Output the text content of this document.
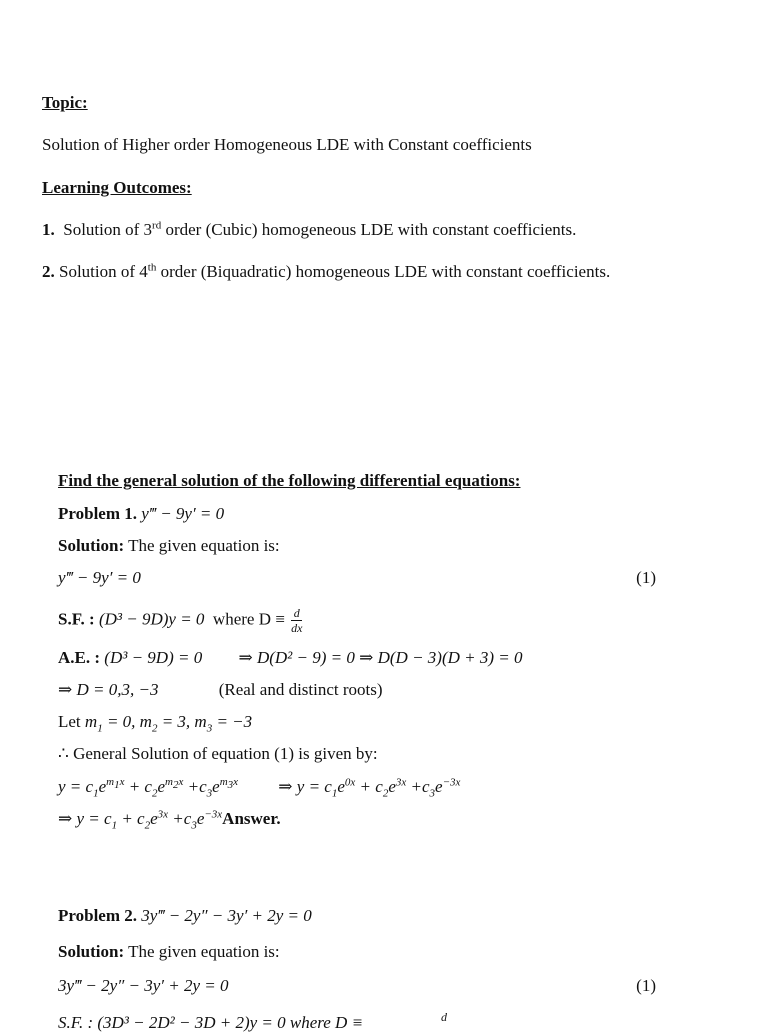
Topic:
Solution of Higher order Homogeneous LDE with Constant coefficients
Learning Outcomes:
1. Solution of 3rd order (Cubic) homogeneous LDE with constant coefficients.
2. Solution of 4th order (Biquadratic) homogeneous LDE with constant coefficients.
Find the general solution of the following differential equations:
Problem 1. y‴ − 9y′ = 0
Solution: The given equation is:
y‴ − 9y′ = 0	(1)
S.F. : (D³ − 9D)y = 0 where $D \equiv \frac{d}{dx}$
A.E. : (D³ − 9D) = 0 ⇒ D(D² − 9) = 0 ⇒ D(D − 3)(D + 3) = 0
⇒ D = 0,3, −3	(Real and distinct roots)
Let $m_1 = 0$, $m_2 = 3$, $m_3 = -3$
∴ General Solution of equation (1) is given by:
$y = c_1e^{m_1x} + c_2e^{m_2x} +c_3e^{m_3x}$ ⇒ $y = c_1e^{0x} + c_2e^{3x} +c_3e^{-3x}$
⇒ $y = c_1 + c_2e^{3x}$ $+c_3e^{-3x}Answer$.
Problem 2. 3y‴ − 2y″ − 3y′ + 2y = 0
Solution: The given equation is:
3y‴ − 2y″ − 3y′ + 2y = 0	(1)
S.F. : (3D³ − 2D² − 3D + 2)y = 0 where D ≡	d
